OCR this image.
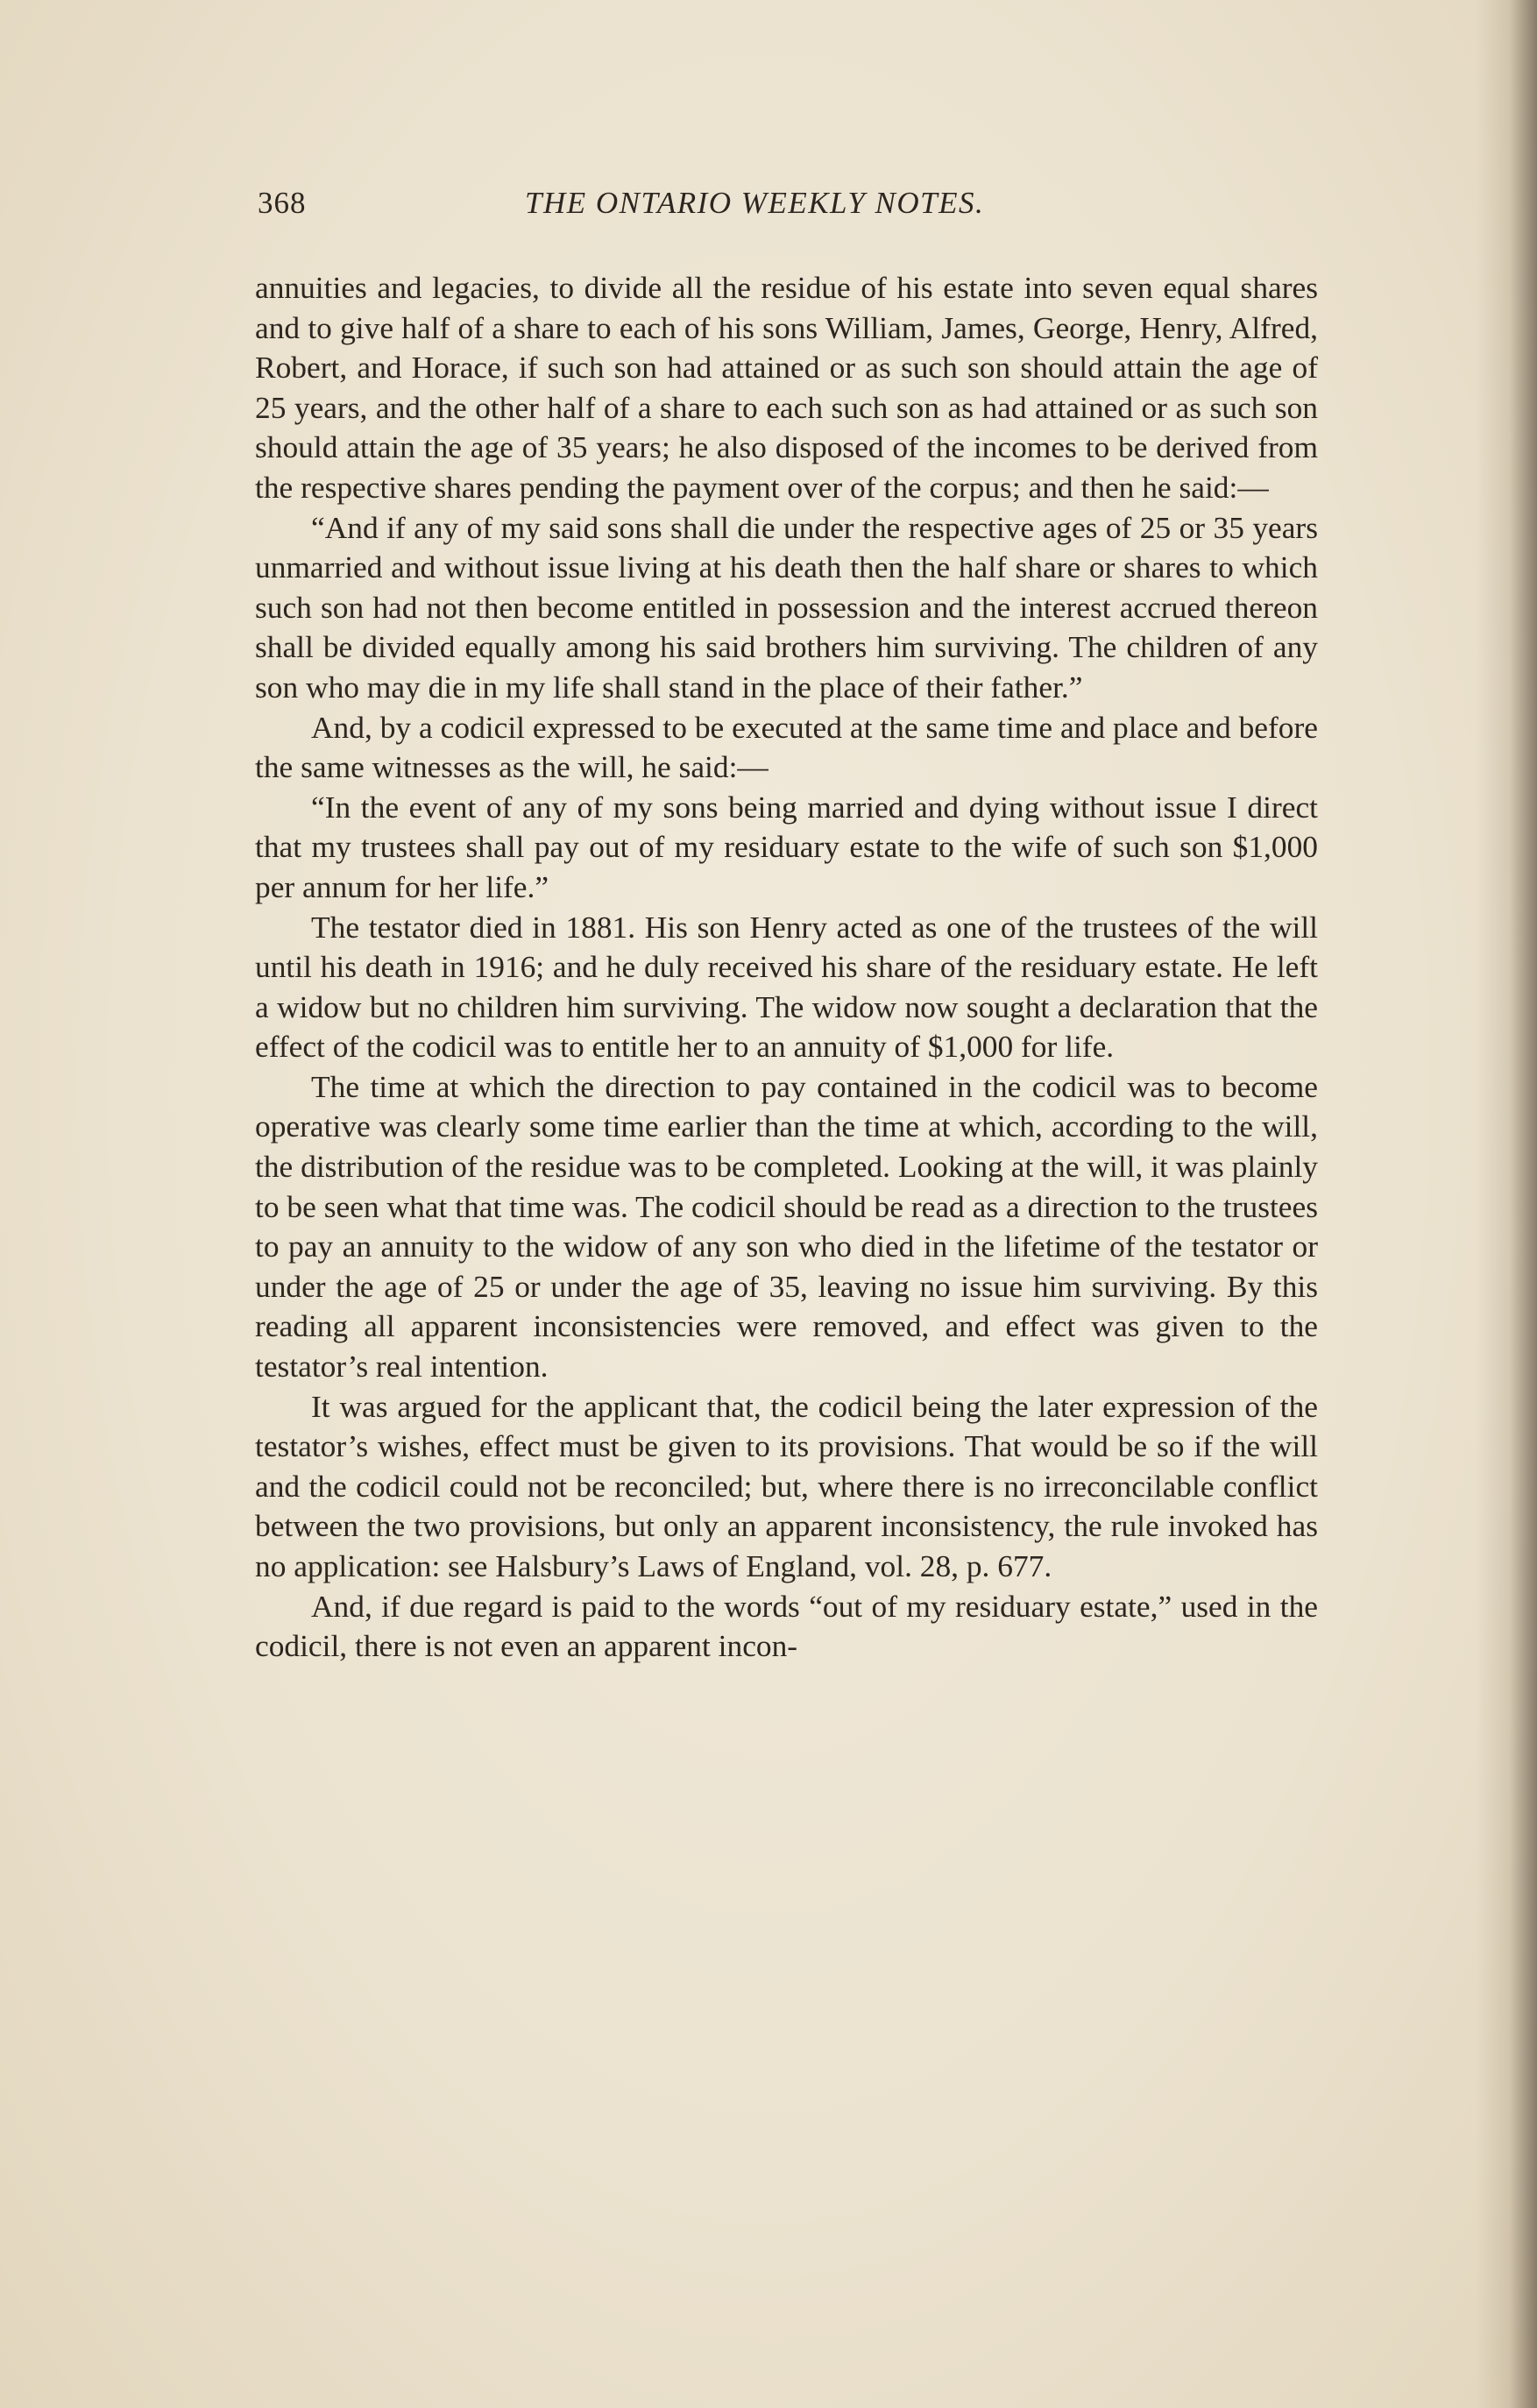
368	THE ONTARIO WEEKLY NOTES.

annuities and legacies, to divide all the residue of his estate into seven equal shares and to give half of a share to each of his sons William, James, George, Henry, Alfred, Robert, and Horace, if such son had attained or as such son should attain the age of 25 years, and the other half of a share to each such son as had attained or as such son should attain the age of 35 years; he also disposed of the incomes to be derived from the respective shares pending the payment over of the corpus; and then he said:—

“And if any of my said sons shall die under the respective ages of 25 or 35 years unmarried and without issue living at his death then the half share or shares to which such son had not then become entitled in possession and the interest accrued thereon shall be divided equally among his said brothers him surviving. The children of any son who may die in my life shall stand in the place of their father.”

And, by a codicil expressed to be executed at the same time and place and before the same witnesses as the will, he said:—

“In the event of any of my sons being married and dying without issue I direct that my trustees shall pay out of my residuary estate to the wife of such son $1,000 per annum for her life.”

The testator died in 1881. His son Henry acted as one of the trustees of the will until his death in 1916; and he duly received his share of the residuary estate. He left a widow but no children him surviving. The widow now sought a declaration that the effect of the codicil was to entitle her to an annuity of $1,000 for life.

The time at which the direction to pay contained in the codicil was to become operative was clearly some time earlier than the time at which, according to the will, the distribution of the residue was to be completed. Looking at the will, it was plainly to be seen what that time was. The codicil should be read as a direction to the trustees to pay an annuity to the widow of any son who died in the lifetime of the testator or under the age of 25 or under the age of 35, leaving no issue him surviving. By this reading all apparent inconsistencies were removed, and effect was given to the testator’s real intention.

It was argued for the applicant that, the codicil being the later expression of the testator’s wishes, effect must be given to its provisions. That would be so if the will and the codicil could not be reconciled; but, where there is no irreconcilable conflict between the two provisions, but only an apparent inconsistency, the rule invoked has no application: see Halsbury’s Laws of England, vol. 28, p. 677.

And, if due regard is paid to the words “out of my residuary estate,” used in the codicil, there is not even an apparent incon-
